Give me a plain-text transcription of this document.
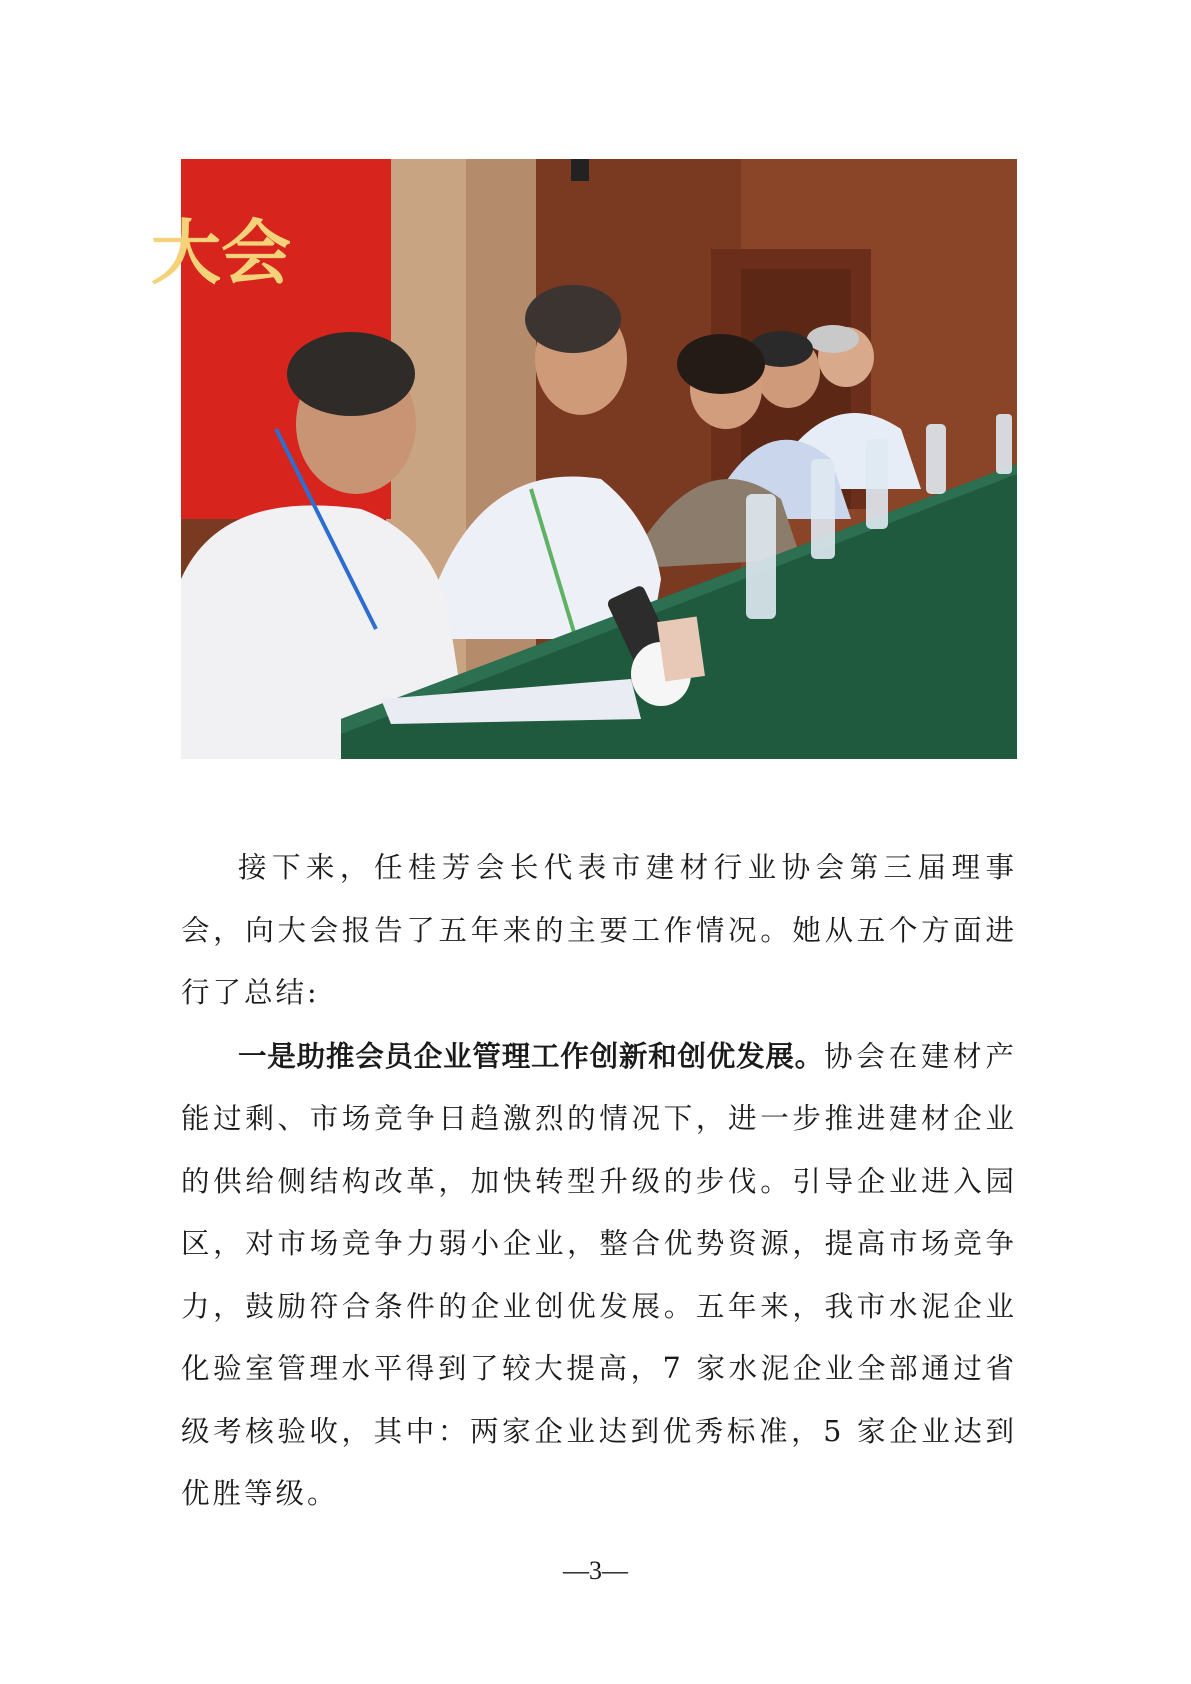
大会

接下来，任桂芳会长代表市建材行业协会第三届理事会，向大会报告了五年来的主要工作情况。她从五个方面进行了总结:

一是助推会员企业管理工作创新和创优发展。协会在建材产能过剩、市场竞争日趋激烈的情况下，进一步推进建材企业的供给侧结构改革，加快转型升级的步伐。引导企业进入园区，对市场竞争力弱小企业，整合优势资源，提高市场竞争力，鼓励符合条件的企业创优发展。五年来，我市水泥企业化验室管理水平得到了较大提高，7 家水泥企业全部通过省级考核验收，其中：两家企业达到优秀标准，5 家企业达到优胜等级。

—3—
